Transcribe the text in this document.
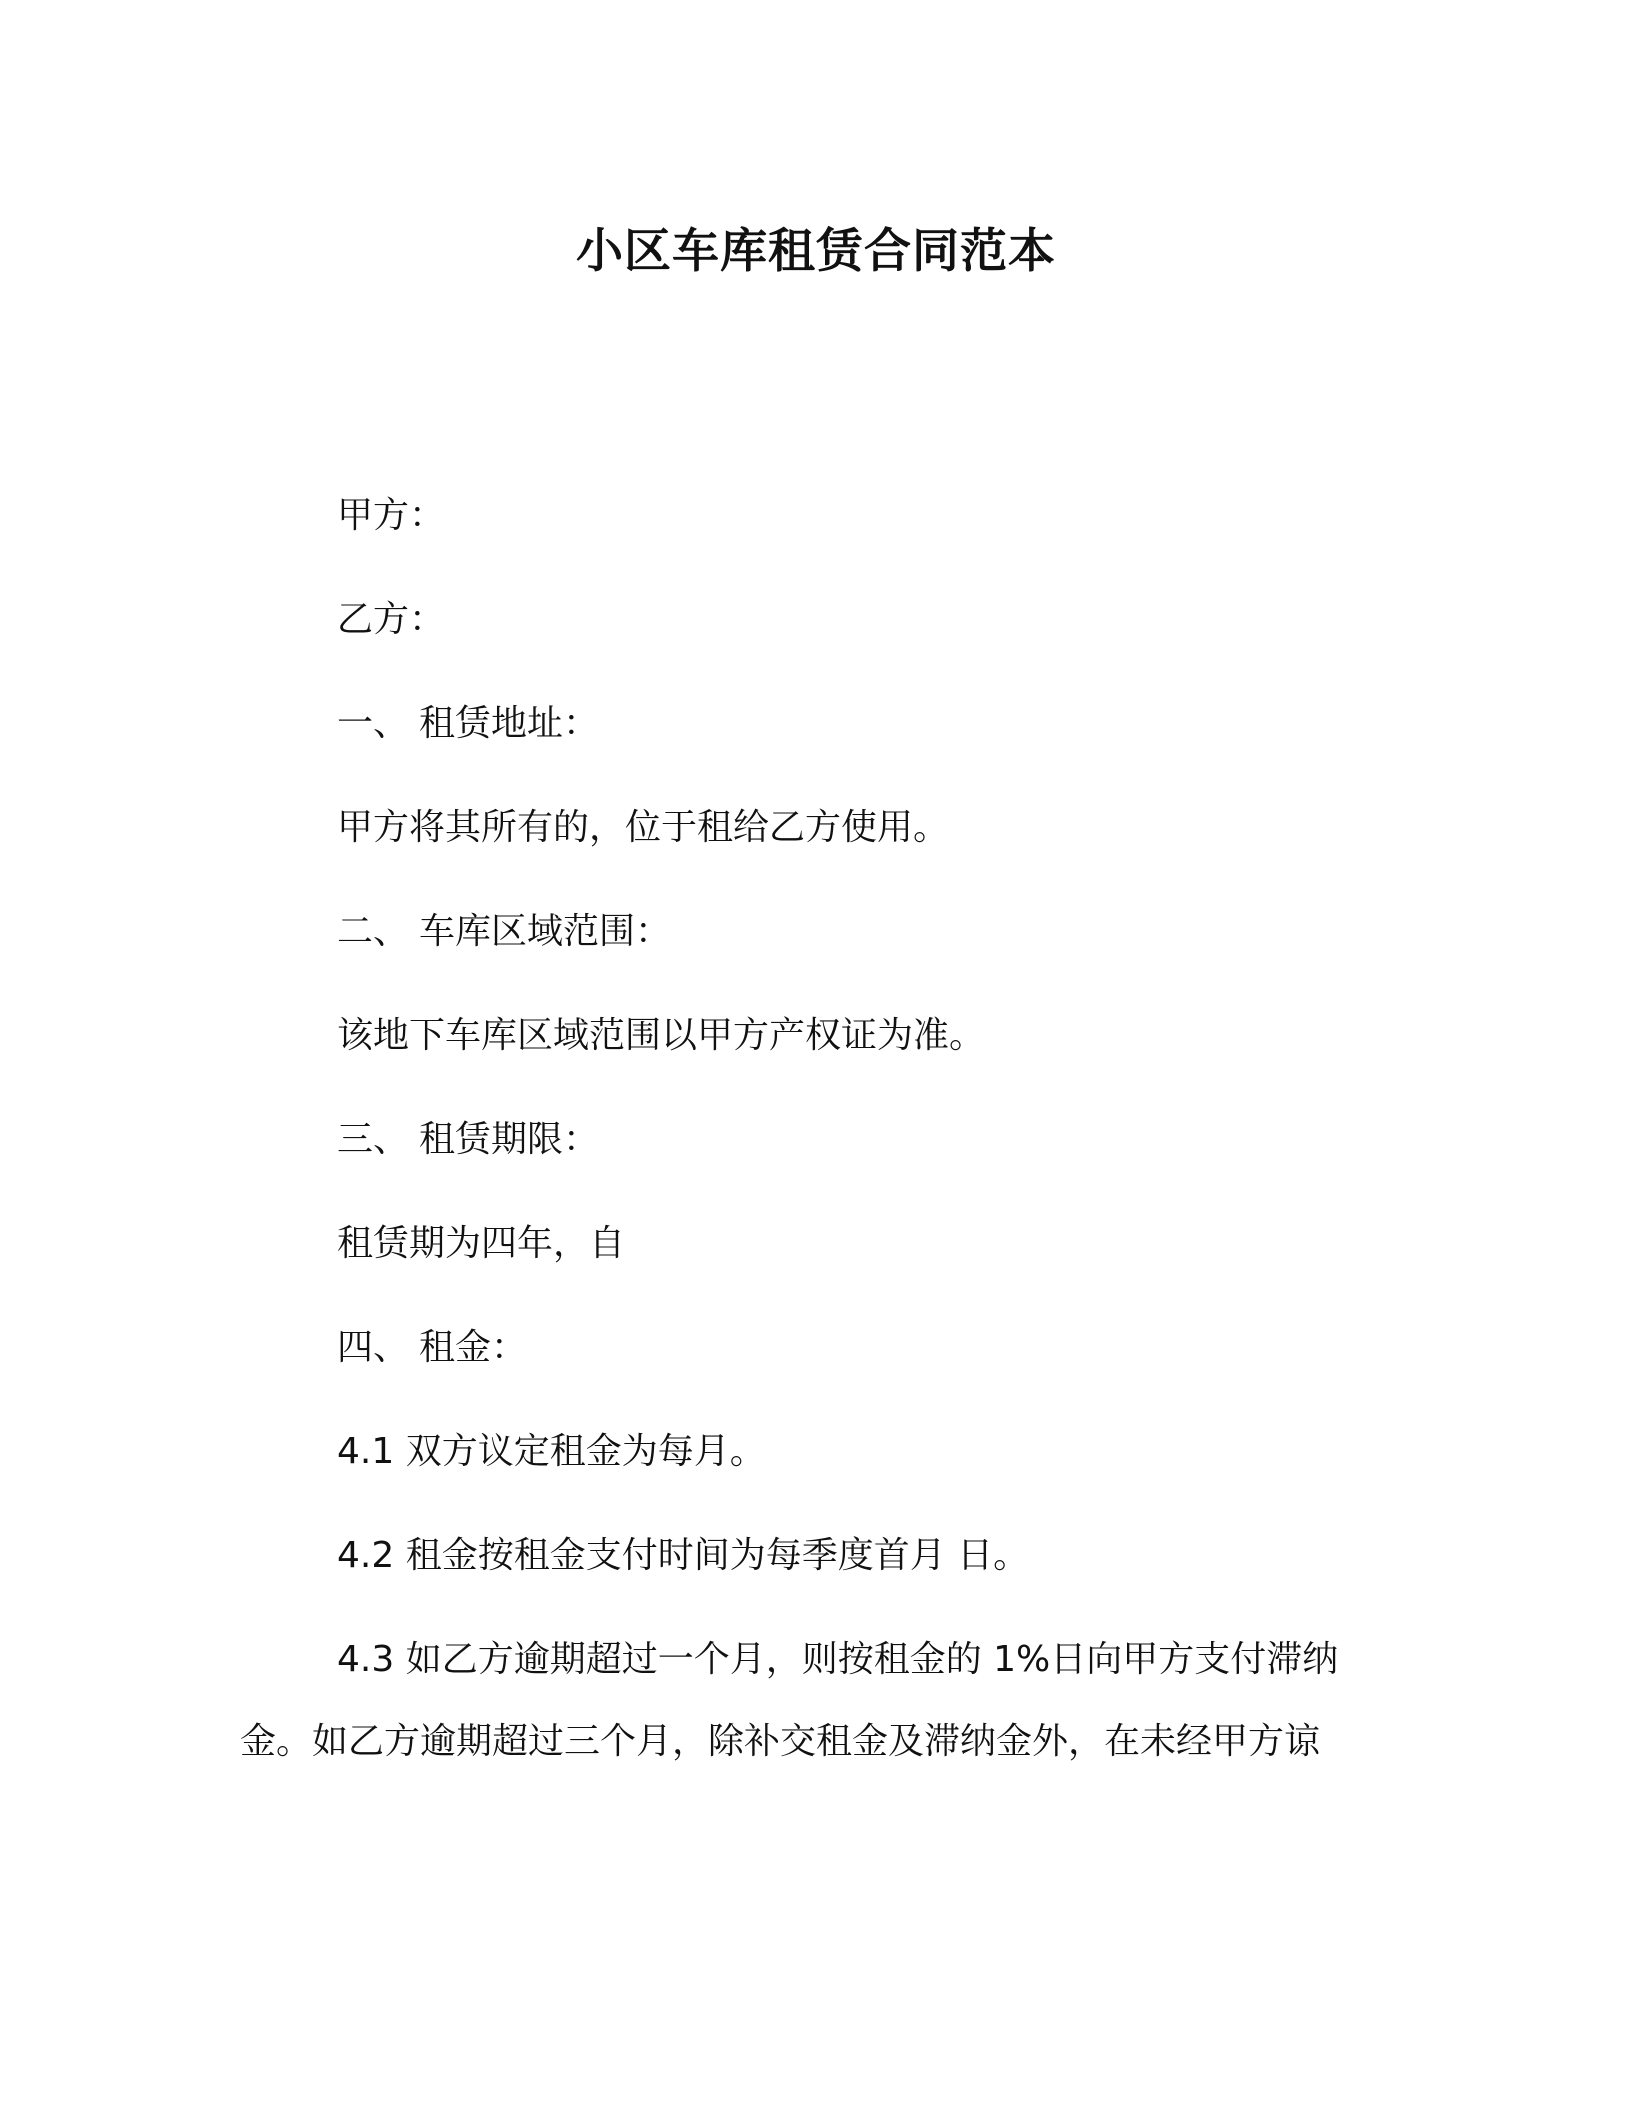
小区车库租赁合同范本
甲方：
乙方：
一、 租赁地址：
甲方将其所有的，位于租给乙方使用。
二、 车库区域范围：
该地下车库区域范围以甲方产权证为准。
三、 租赁期限：
租赁期为四年，自
四、 租金：
4.1 双方议定租金为每月。
4.2 租金按租金支付时间为每季度首月 日。
4.3 如乙方逾期超过一个月，则按租金的 1%日向甲方支付滞纳
金。如乙方逾期超过三个月，除补交租金及滞纳金外，在未经甲方谅
